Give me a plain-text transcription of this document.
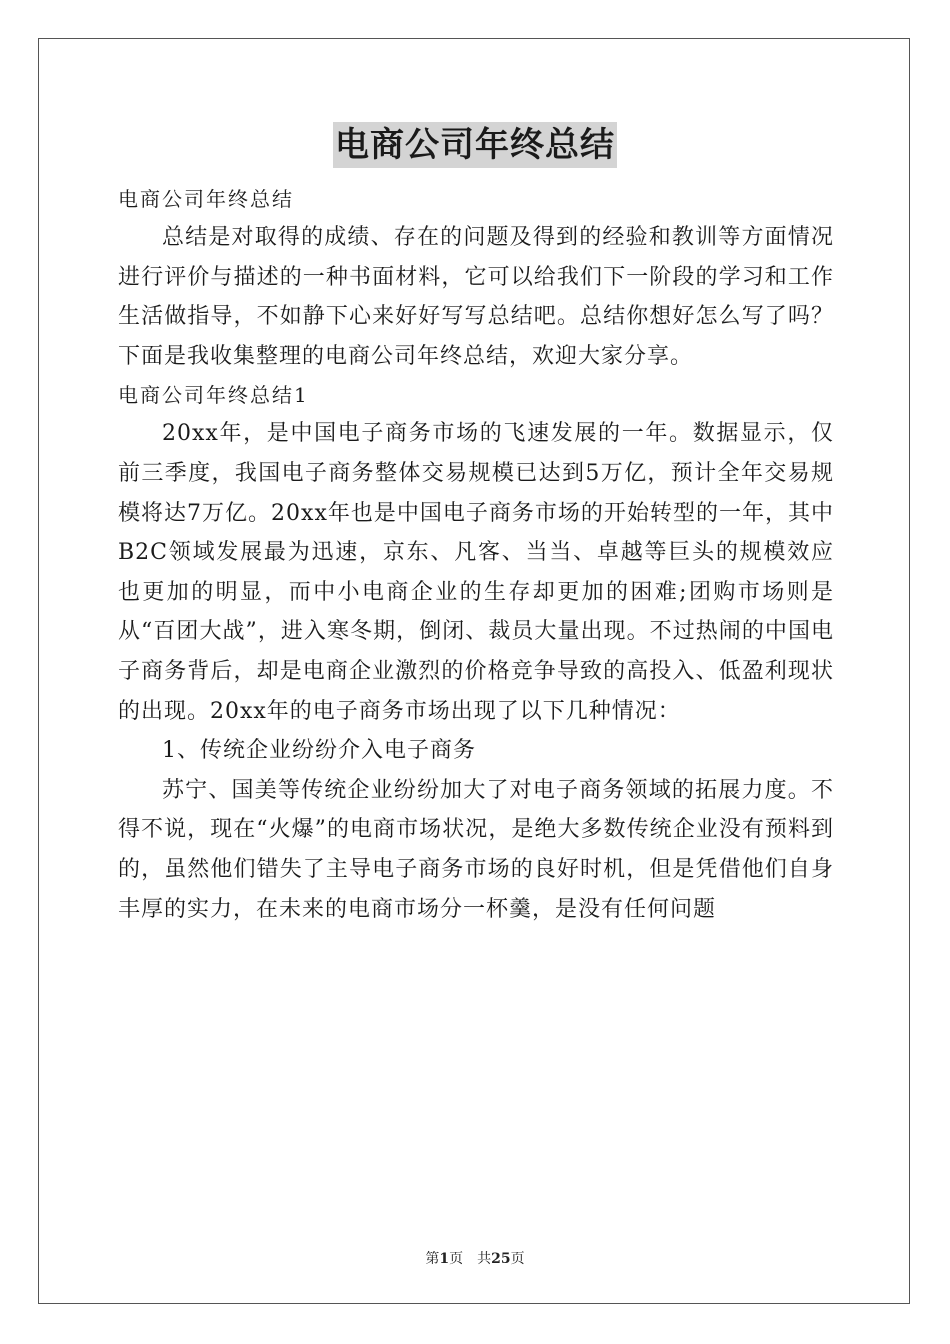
电商公司年终总结

电商公司年终总结

总结是对取得的成绩、存在的问题及得到的经验和教训等方面情况进行评价与描述的一种书面材料，它可以给我们下一阶段的学习和工作生活做指导，不如静下心来好好写写总结吧。总结你想好怎么写了吗？下面是我收集整理的电商公司年终总结，欢迎大家分享。

电商公司年终总结1

20xx年，是中国电子商务市场的飞速发展的一年。数据显示，仅前三季度，我国电子商务整体交易规模已达到5万亿，预计全年交易规模将达7万亿。20xx年也是中国电子商务市场的开始转型的一年，其中B2C领域发展最为迅速，京东、凡客、当当、卓越等巨头的规模效应也更加的明显，而中小电商企业的生存却更加的困难;团购市场则是从“百团大战”，进入寒冬期，倒闭、裁员大量出现。不过热闹的中国电子商务背后，却是电商企业激烈的价格竞争导致的高投入、低盈利现状的出现。20xx年的电子商务市场出现了以下几种情况：

1、传统企业纷纷介入电子商务

苏宁、国美等传统企业纷纷加大了对电子商务领域的拓展力度。不得不说，现在“火爆”的电商市场状况，是绝大多数传统企业没有预料到的，虽然他们错失了主导电子商务市场的良好时机，但是凭借他们自身丰厚的实力，在未来的电商市场分一杯羹，是没有任何问题

第1页　共25页
